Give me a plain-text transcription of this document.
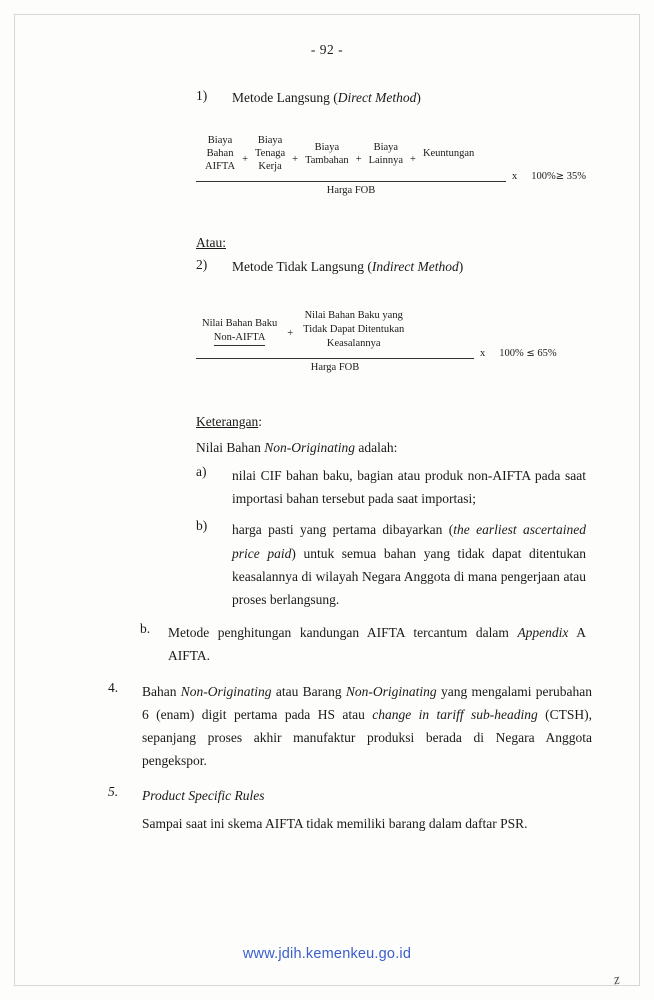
- 92 -
1)	Metode Langsung (Direct Method)
Biaya
Bahan
AIFTA
+
Biaya
Tenaga
Kerja
+
Biaya
Tambahan +
Biaya
Lainnya +
Keuntungan
Harga FOB
x 100%≥ 35%
Atau:
2)	Metode Tidak Langsung (Indirect Method)
Nilai Bahan Baku
Non-AIFTA	+
Nilai Bahan Baku yang
Tidak Dapat Ditentukan
Keasalannya
Harga FOB
x 100% ≤ 65%
Keterangan:
Nilai Bahan Non-Originating adalah:
a)	nilai CIF bahan baku, bagian atau produk non-AIFTA pada saat importasi bahan tersebut pada saat importasi;
b)	harga pasti yang pertama dibayarkan (the earliest ascertained price paid) untuk semua bahan yang tidak dapat ditentukan keasalannya di wilayah Negara Anggota di mana pengerjaan atau proses berlangsung.
b.	Metode penghitungan kandungan AIFTA tercantum dalam Appendix A AIFTA.
4.	Bahan Non-Originating atau Barang Non-Originating yang mengalami perubahan 6 (enam) digit pertama pada HS atau change in tariff sub-heading (CTSH), sepanjang proses akhir manufaktur produksi berada di Negara Anggota pengekspor.
5.	Product Specific Rules
Sampai saat ini skema AIFTA tidak memiliki barang dalam daftar PSR.
www.jdih.kemenkeu.go.id
z
